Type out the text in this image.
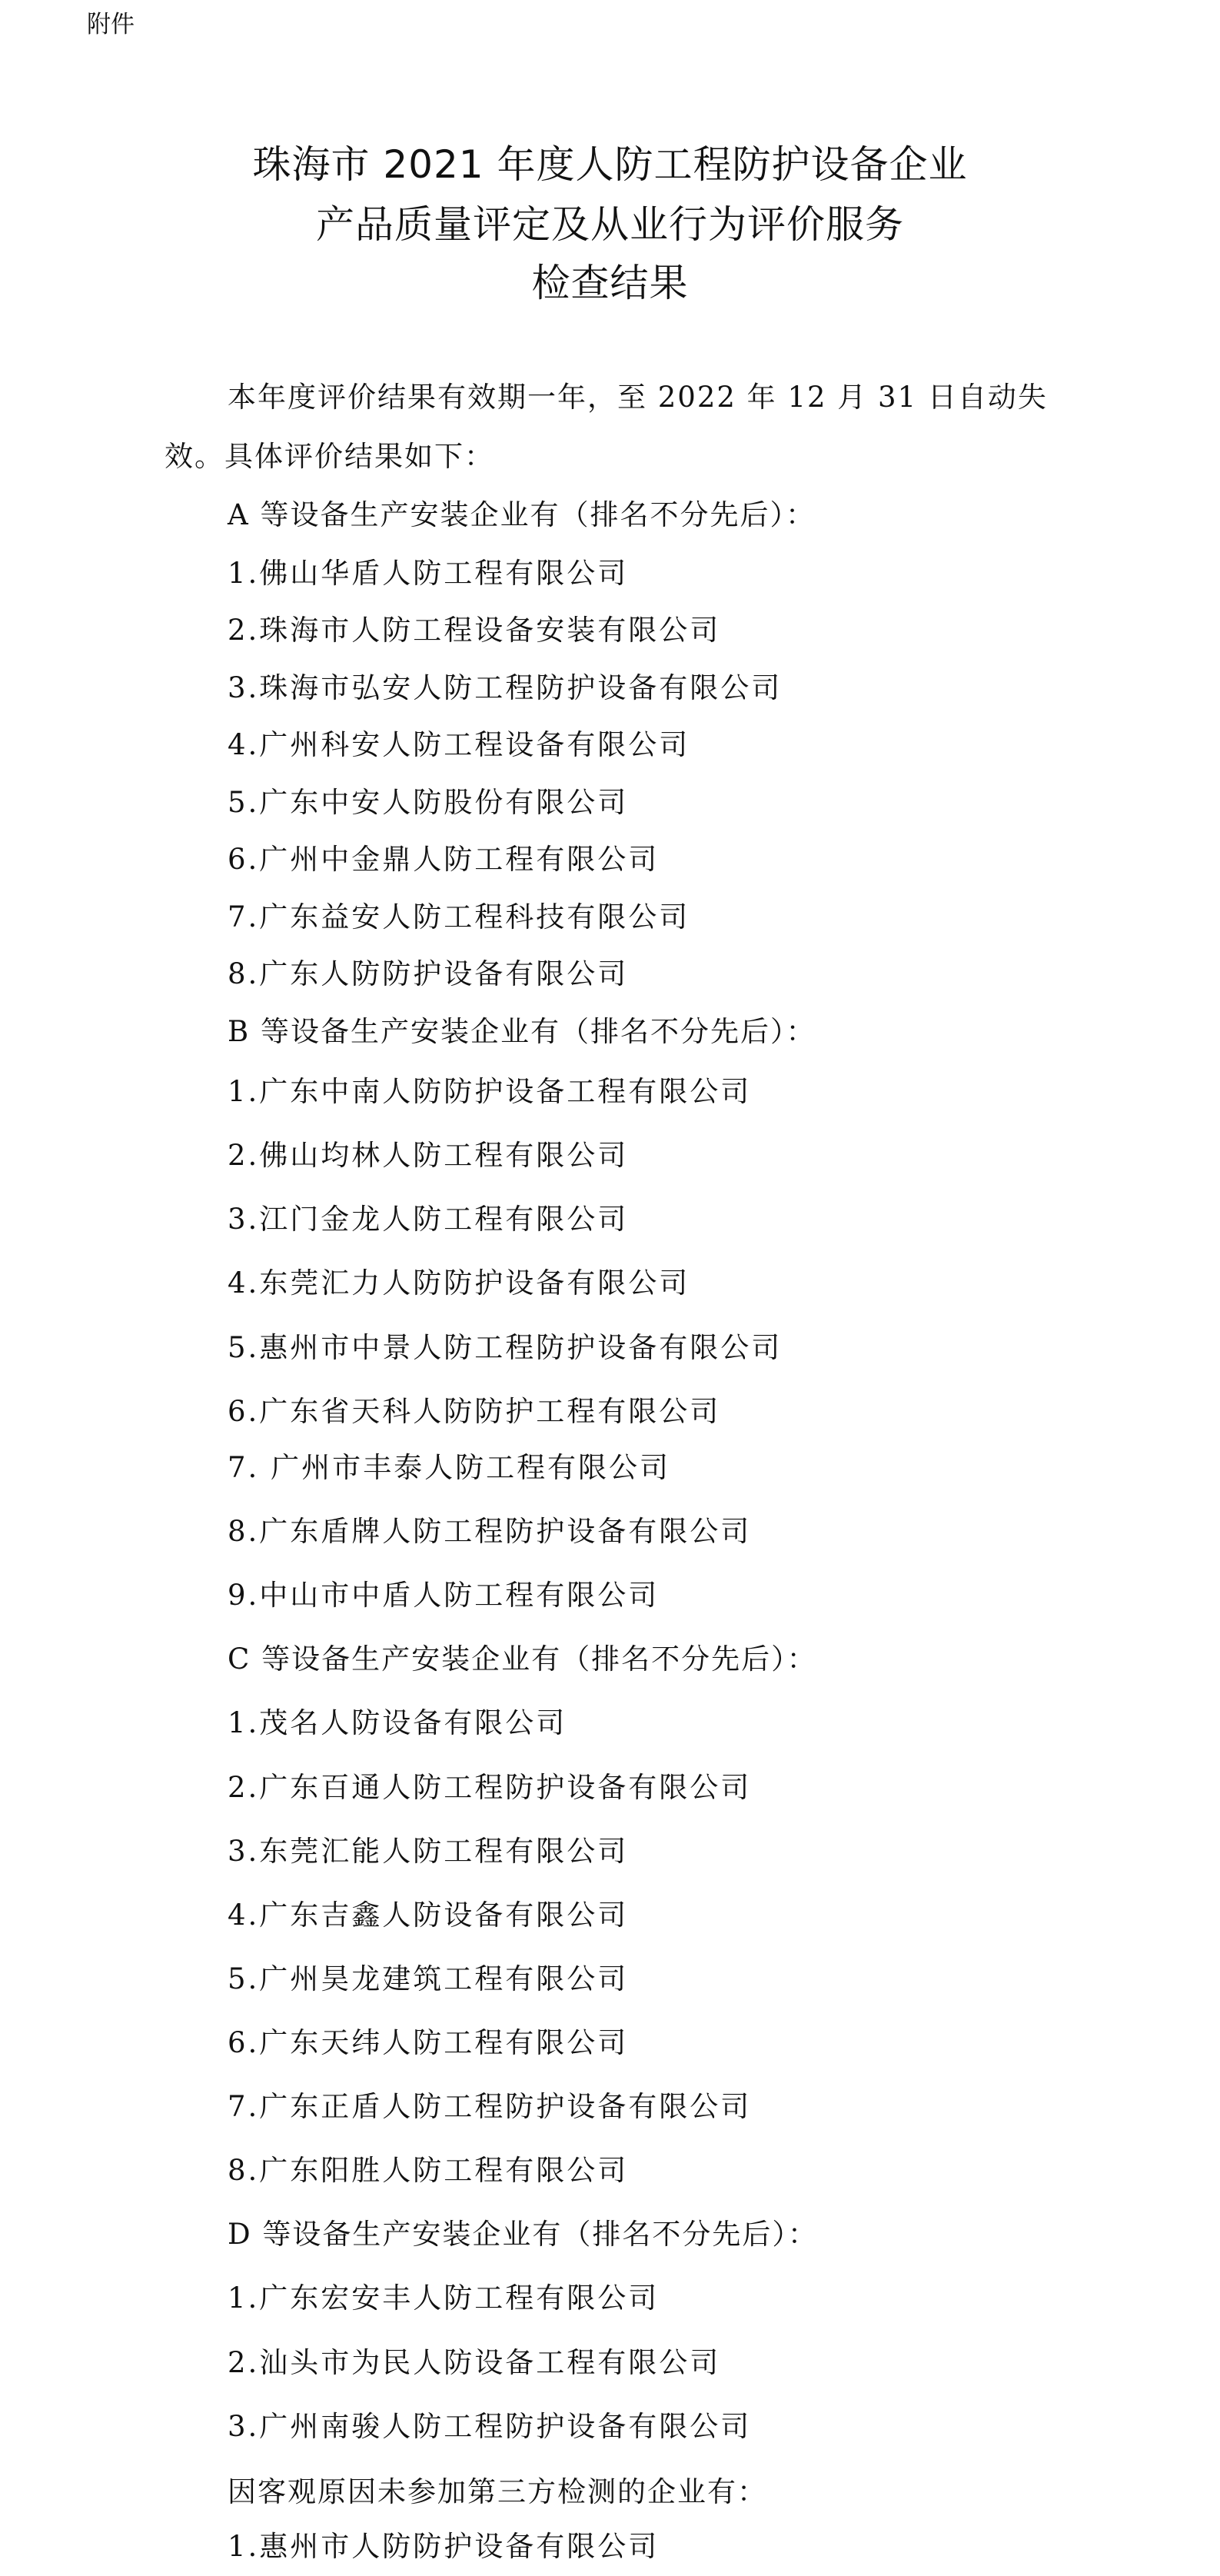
附件
珠海市 2021 年度人防工程防护设备企业
产品质量评定及从业行为评价服务
检查结果
本年度评价结果有效期一年，至 2022 年 12 月 31 日自动失
效。具体评价结果如下：
A 等设备生产安装企业有（排名不分先后）：
1.佛山华盾人防工程有限公司
2.珠海市人防工程设备安装有限公司
3.珠海市弘安人防工程防护设备有限公司
4.广州科安人防工程设备有限公司
5.广东中安人防股份有限公司
6.广州中金鼎人防工程有限公司
7.广东益安人防工程科技有限公司
8.广东人防防护设备有限公司
B 等设备生产安装企业有（排名不分先后）：
1.广东中南人防防护设备工程有限公司
2.佛山均林人防工程有限公司
3.江门金龙人防工程有限公司
4.东莞汇力人防防护设备有限公司
5.惠州市中景人防工程防护设备有限公司
6.广东省天科人防防护工程有限公司
7. 广州市丰泰人防工程有限公司
8.广东盾牌人防工程防护设备有限公司
9.中山市中盾人防工程有限公司
C 等设备生产安装企业有（排名不分先后）：
1.茂名人防设备有限公司
2.广东百通人防工程防护设备有限公司
3.东莞汇能人防工程有限公司
4.广东吉鑫人防设备有限公司
5.广州昊龙建筑工程有限公司
6.广东天纬人防工程有限公司
7.广东正盾人防工程防护设备有限公司
8.广东阳胜人防工程有限公司
D 等设备生产安装企业有（排名不分先后）：
1.广东宏安丰人防工程有限公司
2.汕头市为民人防设备工程有限公司
3.广州南骏人防工程防护设备有限公司
因客观原因未参加第三方检测的企业有：
1.惠州市人防防护设备有限公司
